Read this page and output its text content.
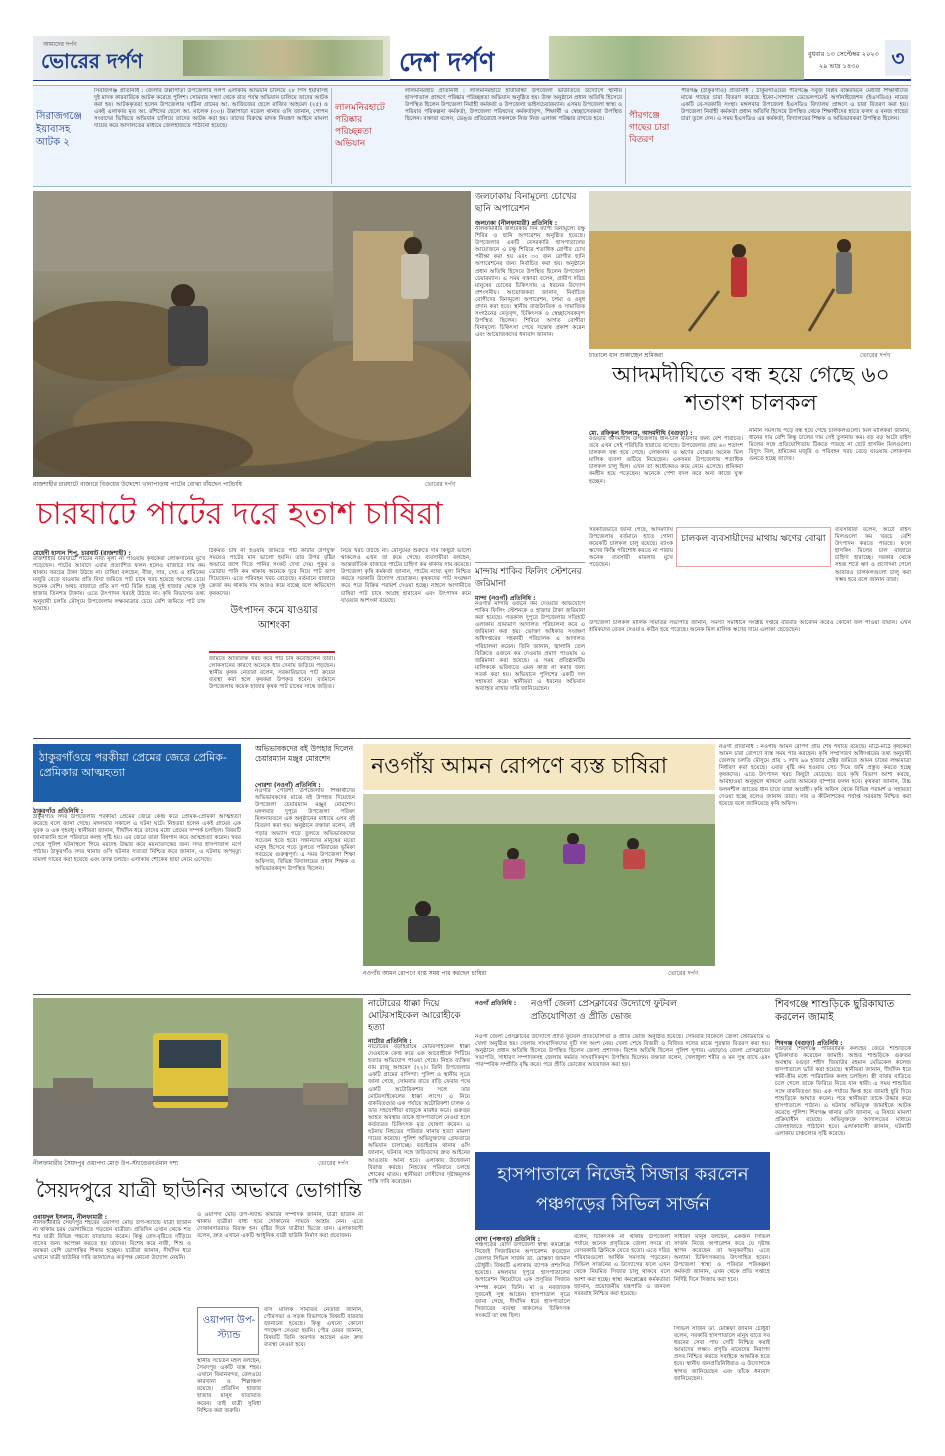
আমাদের দর্পণ
ভোরের দর্পণ	দেশ দর্পণ	বুধবার ১৩ সেপ্টেম্বর ২০২৩
২৯ ভাদ্র ১৪৩০	৩
সিরাজগঞ্জে ইয়াবাসহ আটক ২
সিরাজগঞ্জ প্রতিনিধি : জেলার উল্লাপাড়া উপজেলার সলপ এলাকায় অভিযান চালিয়ে ২৮ পিস ইয়াবাসহ দুই মাদক কারবারিকে আটক করেছে পুলিশ। সোমবার সন্ধ্যা থেকে রাত পর্যন্ত অভিযান চালিয়ে তাদের আটক করা হয়। আটককৃতরা হলেন উপজেলার ঘাটিনা গ্রামের আ. আজিজের ছেলে রাজিব আহমেদ (২৫) ও একই এলাকার মৃত আ. রশিদের ছেলে আ. মালেক (৩০)। উল্লাপাড়া মডেল থানার ওসি জানান, গোপন সংবাদের ভিত্তিতে অভিযান চালিয়ে তাদের আটক করা হয়। তাদের বিরুদ্ধে মাদক নিয়ন্ত্রণ আইনে মামলা দায়ের করে আদালতের মাধ্যমে জেলহাজতে পাঠানো হয়েছে।
লালমনিরহাটে পরিষ্কার পরিচ্ছন্নতা অভিযান
লালমনিরহাট প্রতিনিধি : লালমনিরহাটে হাতীবান্ধা উপজেলা ভাউতিতে উদ্যোগে স্থানীয় হাসপাতাল প্রাঙ্গণে পরিষ্কার পরিচ্ছন্নতা অভিযান অনুষ্ঠিত হয়। উক্ত অনুষ্ঠানে প্রধান অতিথি হিসেবে উপস্থিত ছিলেন উপজেলা নির্বাহী কর্মকর্তা ও উপজেলা ভাইসচেয়ারম্যান। এসময় উপজেলা স্বাস্থ্য ও পরিবার পরিকল্পনা কর্মকর্তা, উপজেলা পরিষদের কর্মকর্তাবৃন্দ, শিক্ষার্থী ও স্বেচ্ছাসেবকরা উপস্থিত ছিলেন। বক্তারা বলেন, ডেঙ্গু প্রতিরোধে সকলকে নিজ নিজ এলাকা পরিষ্কার রাখতে হবে।	পীরগঞ্জে গাছের চারা বিতরণ
পীরগঞ্জ (ঠাকুরগাঁও) প্রতিনিধি : ঠাকুরগাঁওয়ের পীরগঞ্জে সবুজ বিপ্লব বাস্তবায়নে মেধাবী শিক্ষার্থীদের মাঝে গাছের চারা বিতরণ করেছে ইকো-সোশ্যাল ডেভেলপমেন্ট অর্গানাইজেশন (ইএসডিও) নামের একটি বে-সরকারি সংস্থা। মঙ্গলবার উপজেলা ইএসডিও বিদ্যালয় প্রাঙ্গণে এ চারা বিতরণ করা হয়। উপজেলা নির্বাহী কর্মকর্তা প্রধান অতিথি হিসেবে উপস্থিত থেকে শিক্ষার্থীদের হাতে ফলদ ও বনজ গাছের চারা তুলে দেন। এ সময় ইএসডিও এর কর্মকর্তা, বিদ্যালয়ের শিক্ষক ও অভিভাবকরা উপস্থিত ছিলেন।
রাজশাহীর চারঘাটে বাজারে বিক্রয়ের উদ্দেশ্যে খানাপাড়ায় পাটের বোঝা বাঁধছেন পাটচাষি	ভোরের দর্পণ
জলঢাকায় বিনামূল্যে চোখের ছানি অপারেশন
জলঢাকা (নীলফামারী) প্রতিনিধি :
নীলফামারীর জলঢাকায় দিন ব্যাপী বিনামূল্যে চক্ষু শিবির ও ছানি অপারেশন অনুষ্ঠিত হয়েছে। উপজেলার একটি বেসরকারি হাসপাতালের আয়োজনে এ চক্ষু শিবিরে শতাধিক রোগীর চোখ পরীক্ষা করা হয় এবং ৩০ জন রোগীর ছানি অপারেশনের জন্য নির্বাচিত করা হয়। অনুষ্ঠানে প্রধান অতিথি হিসেবে উপস্থিত ছিলেন উপজেলা চেয়ারম্যান। এ সময় বক্তারা বলেন, গ্রামীণ দরিদ্র মানুষের চোখের চিকিৎসায় এ ধরনের উদ্যোগ প্রশংসনীয়। আয়োজকরা জানান, নির্বাচিত রোগীদের বিনামূল্যে অপারেশন, চশমা ও ওষুধ প্রদান করা হবে। স্থানীয় রাজনৈতিক ও সামাজিক সংগঠনের নেতৃবৃন্দ, চিকিৎসক ও স্বেচ্ছাসেবকবৃন্দ উপস্থিত ছিলেন। শিবিরে আগত রোগীরা বিনামূল্যে চিকিৎসা পেয়ে সন্তোষ প্রকাশ করেন এবং আয়োজকদের ধন্যবাদ জানান।
মান্দায় শাকিব ফিলিং স্টেশনের জরিমানা
মান্দা (নওগাঁ) প্রতিনিধি :
নওগাঁর মান্দায় ওজনে কম দেওয়ার অভিযোগে শাকিব ফিলিং স্টেশনকে ৫ হাজার টাকা জরিমানা করা হয়েছে। গতকাল দুপুরে উপজেলার সতিহাট এলাকায় ভ্রাম্যমাণ আদালত পরিচালনা করে এ জরিমানা করা হয়। ভোক্তা অধিকার সংরক্ষণ অধিদপ্তরের সহকারী পরিচালক এ আদালত পরিচালনা করেন। তিনি জানান, জ্বালানি তেল বিক্রিতে ওজনে কম দেওয়ার প্রমাণ পাওয়ায় এ জরিমানা করা হয়েছে। এ সময় প্রতিষ্ঠানটির মালিককে ভবিষ্যতে এমন কাজ না করার জন্য সতর্ক করা হয়। অভিযানে পুলিশের একটি দল সহায়তা করে। স্থানীয়রা এ ধরনের অভিযান অব্যাহত রাখার দাবি জানিয়েছেন।
চাতালে ধান শুকাচ্ছেন শ্রমিকরা	ভোরের দর্পণ
আদমদীঘিতে বন্ধ হয়ে গেছে ৬০ শতাংশ চালকল
মো. রফিকুল ইসলাম, আদমদীঘি (বগুড়া) :
বগুড়ার আদমদীঘি উপজেলার ধান-চাল ব্যবসার জন্য বেশ পরিচিত। তবে এখন সেই পরিচিতি হারাতে বসেছে। উপজেলার প্রায় ৬০ শতাংশ চালকল বন্ধ হয়ে গেছে। লোকসান ও ঋণের বোঝায় অনেক মিল মালিক ব্যবসা গুটিয়ে নিয়েছেন। একসময় উপজেলায় শতাধিক চালকল চালু ছিল। এখন তা অর্ধেকেরও কমে নেমে এসেছে। শ্রমিকরা কর্মহীন হয়ে পড়েছেন। অনেকে পেশা বদল করে অন্য কাজে যুক্ত হচ্ছেন।
নানান সমস্যায় পড়ে বন্ধ হয়ে গেছে চালকলগুলো। মিল মালিকরা জানান, ধানের দাম বেশি কিন্তু চালের দাম সেই তুলনায় কম। বড় বড় অটো রাইস মিলের সঙ্গে প্রতিযোগিতায় টিকতে পারছে না ছোট হাসকিং মিলগুলো। বিদ্যুৎ বিল, শ্রমিকের মজুরি ও পরিবহন খরচ বেড়ে যাওয়ায় লোকসান গুনতে হচ্ছে তাদের।
সরকারিভাবে জানা গেছে, আদমদীঘি উপজেলায় বর্তমানে হাতে গোনা কয়েকটি চালকল চালু রয়েছে। ব্যাংক ঋণের কিস্তি পরিশোধ করতে না পারায় অনেক ব্যবসায়ী মামলার মুখে পড়েছেন।
চালকল ব্যবসায়ীদের মাথায় ঋণের বোঝা
ব্যবসায়ীরা বলেন, অটো রাইস মিলগুলো কম খরচে বেশি উৎপাদন করতে পারছে। ফলে হাসকিং মিলের চাল বাজারে চাহিদা হারাচ্ছে। সরকার থেকে সহজ শর্তে ঋণ ও প্রণোদনা পেলে আবারও চালকলগুলো চালু করা সম্ভব হবে বলে জানান তারা।
উপজেলা চালকল মালিক সমিতির সভাপতি জানান, সমস্যা সমাধানে সংশ্লিষ্ট দপ্তরে বারবার আবেদন করেও কোনো ফল পাওয়া যায়নি। এখন শ্রমিকদের বেতন দেওয়াও কঠিন হয়ে পড়েছে। অনেক মিল মালিক ঋণের দায়ে এলাকা ছেড়েছেন।
চারঘাটে পাটের দরে হতাশ চাষিরা
মেহেদী হাসান শিপু, চারঘাট (রাজশাহী) :
রাজশাহীর চারঘাটে পাটের নায্য মূল্য না পাওয়ায় কৃষকেরা লোকসানের মুখে পড়েছেন। পাটের আবাদে এবার প্রত্যাশিত ফলন হলেও বাজারে দাম কম থাকায় খরচের টাকা উঠছে না। চাষিরা বলছেন, বীজ, সার, সেচ ও শ্রমিকের মজুরি বেড়ে যাওয়ায় প্রতি বিঘা জমিতে পাট চাষে খরচ হয়েছে আগের চেয়ে অনেক বেশি। অথচ বাজারে প্রতি মণ পাট বিক্রি হচ্ছে দুই হাজার থেকে দুই হাজার তিনশত টাকায়। এতে উৎপাদন খরচই উঠছে না। কৃষি বিভাগের তথ্য অনুযায়ী চলতি মৌসুমে উপজেলায় লক্ষ্যমাত্রার চেয়ে বেশি জমিতে পাট চাষ হয়েছে।
ঠিকমত চাষ না হওয়ায় জমিতে পাট কাটার উপযুক্ত সময়েও পাটের মান ভালো হয়নি। তার উপর বৃষ্টির অভাবে জাগ দিতে পানির সংকট দেখা দেয়। পুকুর ও ডোবায় পানি কম থাকায় অনেকে দূরে নিয়ে পাট জাগ দিয়েছেন। এতে পরিবহন খরচ বেড়েছে। বর্তমানে বাজারে ক্রেতা কম থাকায় দাম আরও কমে যাচ্ছে বলে অভিযোগ কৃষকদের।
উৎপাদন কমে যাওয়ার আশংকা
জমিতে অতিরিক্ত খরচ করে পাট চাষ করেছিলেন তারা। লোকসানের কারণে অনেকে ধার দেনায় জড়িয়ে পড়ছেন। স্থানীয় কৃষক নেতারা বলেন, সরকারিভাবে পাট ক্রয়ের ব্যবস্থা করা হলে কৃষকরা উপকৃত হবেন। বর্তমানে উপজেলায় কয়েক হাজার কৃষক পাট চাষের সাথে জড়িত।
নিয়ে খরচ উঠছে না। মৌসুমের শুরুতে দাম কিছুটা ভালো থাকলেও এখন তা কমে গেছে। ব্যবসায়ীরা বলছেন, আন্তর্জাতিক বাজারে পাটের চাহিদা কম থাকায় দাম কমেছে। উপজেলা কৃষি কর্মকর্তা জানান, পাটের ন্যায্য মূল্য নিশ্চিত করতে সরকারি উদ্যোগ প্রয়োজন। কৃষকদের পাট সংরক্ষণ করে পরে বিক্রির পরামর্শ দেওয়া হচ্ছে। নাহলে আগামীতে চাষিরা পাট চাষে আগ্রহ হারাবেন এবং উৎপাদন কমে যাওয়ার আশংকা রয়েছে।
ঠাকুরগাঁওয়ে পরকীয়া প্রেমের জেরে প্রেমিক-প্রেমিকার আত্মহত্যা
ঠাকুরগাঁও প্রতিনিধি :
ঠাকুরগাঁও সদর উপজেলায় পরকীয়া প্রেমের জেরে কেন্দ্র করে প্রেমিক-প্রেমিকা আত্মহত্যা করেছে বলে জানা গেছে। মঙ্গলবার সকালে এ ঘটনা ঘটে। নিহতরা হলেন একই গ্রামের এক যুবক ও এক গৃহবধূ। স্থানীয়রা জানান, দীর্ঘদিন ধরে তাদের মধ্যে প্রেমের সম্পর্ক চলছিল। বিষয়টি জানাজানি হলে পরিবারে কলহ সৃষ্টি হয়। এর জেরে তারা বিষপান করে আত্মহত্যা করেন। খবর পেয়ে পুলিশ ঘটনাস্থলে গিয়ে মরদেহ উদ্ধার করে ময়নাতদন্তের জন্য সদর হাসপাতাল মর্গে পাঠায়। ঠাকুরগাঁও সদর থানার ওসি ঘটনার সত্যতা নিশ্চিত করে জানান, এ ঘটনায় অপমৃত্যু মামলা দায়ের করা হয়েছে এবং তদন্ত চলছে। এলাকায় শোকের ছায়া নেমে এসেছে।
অভিভাবকদের বই উপহার দিলেন চেয়ারম্যান মঞ্জুর মোরশেদ
পোরশা (নওগাঁ) প্রতিনিধি :
নওগাঁর পোরশা উপজেলায় শিক্ষার্থীদের অভিভাবকদের মাঝে বই উপহার দিয়েছেন উপজেলা চেয়ারম্যান মঞ্জুর মোরশেদ। মঙ্গলবার দুপুরে উপজেলা পরিষদ মিলনায়তনে এক অনুষ্ঠানের মাধ্যমে এসব বই বিতরণ করা হয়। অনুষ্ঠানে বক্তারা বলেন, বই পড়ার অভ্যাস গড়ে তুলতে অভিভাবকদের সচেতন হতে হবে। সন্তানদের মানুষের মতো মানুষ হিসেবে গড়ে তুলতে পরিবারের ভূমিকা সবচেয়ে গুরুত্বপূর্ণ। এ সময় উপজেলা শিক্ষা অফিসার, বিভিন্ন বিদ্যালয়ের প্রধান শিক্ষক ও অভিভাবকবৃন্দ উপস্থিত ছিলেন।
নওগাঁয় আমন রোপণে ব্যস্ত চাষিরা
নওগাঁয় আমন রোপণে ব্যস্ত সময় পার করছেন চাষিরা	ভোরের দর্পণ
নওগাঁ প্রতিনিধি : নওগাঁয় আমন রোপণ প্রায় শেষ পর্যায়ে রয়েছে। মাঠে-মাঠে কৃষকেরা আমন চারা রোপণে ব্যস্ত সময় পার করছেন। কৃষি সম্প্রসারণ অধিদপ্তরের তথ্য অনুযায়ী জেলায় চলতি মৌসুমে প্রায় ১ লাখ ৯৬ হাজার হেক্টর জমিতে আমন চাষের লক্ষ্যমাত্রা নির্ধারণ করা হয়েছে। এবার বৃষ্টি কম হওয়ায় সেচ দিয়ে জমি প্রস্তুত করতে হচ্ছে কৃষকদের। এতে উৎপাদন খরচ কিছুটা বেড়েছে। তবে কৃষি বিভাগ আশা করছে, আবহাওয়া অনুকূলে থাকলে এবার আমনের বাম্পার ফলন হবে। কৃষকরা জানান, উচ্চ ফলনশীল জাতের ধান চাষে তারা আগ্রহী। কৃষি অফিস থেকে বিভিন্ন পরামর্শ ও সহায়তা দেওয়া হচ্ছে বলেও জানান তারা। সার ও কীটনাশকের পর্যাপ্ত সরবরাহ নিশ্চিত করা হয়েছে বলে জানিয়েছে কৃষি অফিস।
নীলফামারীর সৈয়দপুর ওয়াপদা মোড় উপ-স্ট্যান্ডেরবর্তমান দশা	ভোরের দর্পণ
সৈয়দপুরে যাত্রী ছাউনির অভাবে ভোগান্তি
ওবায়দুল ইসলাম, নীলফামারী :
নীলফামারীর সৈয়দপুর শহরের ওয়াপদা মোড় উপ-স্ট্যান্ডে যাত্রী ছাউনি না থাকায় চরম ভোগান্তিতে পড়ছেন যাত্রীরা। প্রতিদিন এখান থেকে শত শত যাত্রী বিভিন্ন গন্তব্যে যাতায়াত করেন। কিন্তু রোদ-বৃষ্টিতে দাঁড়িয়ে বাসের জন্য অপেক্ষা করতে হয় তাদের। বিশেষ করে নারী, শিশু ও বয়স্করা বেশি ভোগান্তির শিকার হচ্ছেন। যাত্রীরা জানান, দীর্ঘদিন ধরে এখানে যাত্রী ছাউনির দাবি জানালেও কর্তৃপক্ষ কোনো উদ্যোগ নেয়নি।
ও ওয়াপদা মোড় উপ-স্ট্যান্ড কমিটির সম্পাদক জানান, যাত্রী ছাউনি না থাকায় যাত্রীরা বাধ্য হয়ে দোকানের সামনে আশ্রয় নেন। এতে দোকানদাররাও বিরক্ত হন। বৃষ্টির দিনে যাত্রীরা ভিজে যান। এলাকাবাসী বলেন, দ্রুত এখানে একটি আধুনিক যাত্রী ছাউনি নির্মাণ করা প্রয়োজন।
ওয়াপদা উপ-স্ট্যান্ড
বাস মালিক সমিতির নেতারা জানান, পৌরসভা ও সড়ক বিভাগকে বিষয়টি বারবার জানানো হয়েছে। কিন্তু এখনো কোনো পদক্ষেপ নেওয়া হয়নি। পৌর মেয়র জানান, বিষয়টি তিনি অবগত আছেন এবং দ্রুত ব্যবস্থা নেওয়া হবে।
স্থানীয় সচেতন মহল বলছেন, সৈয়দপুর একটি ব্যস্ত শহর। এখানে বিমানবন্দর, রেলওয়ে কারখানা ও শিল্পাঞ্চল রয়েছে। প্রতিদিন হাজার হাজার মানুষ যাতায়াত করেন। তাই যাত্রী সুবিধা নিশ্চিত করা জরুরি।
নাটোরের ধাক্কা দিয়ে মোটরসাইকেল আরোহীকে হত্যা
নাটোর প্রতিনিধি :
নাটোরের বড়াইগ্রামে মোটরসাইকেল ধাক্কা দেওয়াকে কেন্দ্র করে এক আরোহীকে পিটিয়ে হত্যার অভিযোগ পাওয়া গেছে। নিহত ব্যক্তির নাম রাজু আহমেদ (২২)। তিনি উপজেলার একটি গ্রামের বাসিন্দা। পুলিশ ও স্থানীয় সূত্রে জানা গেছে, সোমবার রাতে বাড়ি ফেরার পথে একটি অটোরিকশার সঙ্গে তার মোটরসাইকেলের ধাক্কা লাগে। এ নিয়ে বাকবিতণ্ডার এক পর্যায়ে অটোরিকশা চালক ও তার সহযোগীরা রাজুকে মারধর করে। গুরুতর আহত অবস্থায় তাকে হাসপাতালে নেওয়া হলে কর্তব্যরত চিকিৎসক মৃত ঘোষণা করেন। এ ঘটনায় নিহতের পরিবার থানায় হত্যা মামলা দায়ের করেছে। পুলিশ অভিযুক্তদের গ্রেফতারে অভিযান চালাচ্ছে। বড়াইগ্রাম থানার ওসি জানান, ঘটনার সঙ্গে জড়িতদের দ্রুত আইনের আওতায় আনা হবে। এলাকায় উত্তেজনা বিরাজ করছে। নিহতের পরিবারে চলছে শোকের মাতম। স্থানীয়রা দোষীদের দৃষ্টান্তমূলক শাস্তি দাবি করেছেন।
নওগাঁ প্রতিনিধি :	নওগাঁ জেলা প্রেসক্লাবের উদ্যোগে ফুটবল প্রতিযোগিতা ও প্রীতি ভোজ
নওগাঁ জেলা প্রেসক্লাবের উদ্যোগে প্রীতি ফুটবল প্রতিযোগিতা ও প্রীতি ভোজ অনুষ্ঠিত হয়েছে। সোমবার বিকেলে জেলা স্টেডিয়ামে এ খেলা অনুষ্ঠিত হয়। খেলায় সাংবাদিকদের দুটি দল অংশ নেয়। খেলা শেষে বিজয়ী ও বিজিত দলের মাঝে পুরস্কার বিতরণ করা হয়। অনুষ্ঠানে প্রধান অতিথি হিসেবে উপস্থিত ছিলেন জেলা প্রশাসক। বিশেষ অতিথি ছিলেন পুলিশ সুপার। এছাড়াও জেলা প্রেসক্লাবের সভাপতি, সাধারণ সম্পাদকসহ জেলায় কর্মরত সাংবাদিকবৃন্দ উপস্থিত ছিলেন। বক্তারা বলেন, খেলাধুলা শরীর ও মন সুস্থ রাখে এবং পারস্পরিক সম্প্রীতি বৃদ্ধি করে। পরে প্রীতি ভোজের আয়োজন করা হয়।
শিবগঞ্জে শাশুড়িকে ছুরিকাঘাত করলেন জামাই
শিবগঞ্জ (বগুড়া) প্রতিনিধি :
বগুড়ার শিবগঞ্জে পারিবারিক কলহের জেরে শাশুড়িকে ছুরিকাঘাত করেছেন জামাই। আহত শাশুড়িকে গুরুতর অবস্থায় বগুড়া শহীদ জিয়াউর রহমান মেডিকেল কলেজ হাসপাতালে ভর্তি করা হয়েছে। স্থানীয়রা জানান, দীর্ঘদিন ধরে স্বামী-স্ত্রীর মধ্যে পারিবারিক কলহ চলছিল। স্ত্রী বাবার বাড়িতে চলে গেলে তাকে ফিরিয়ে নিতে যান স্বামী। এ সময় শাশুড়ির সঙ্গে বাকবিতণ্ডা হয়। এক পর্যায়ে ক্ষিপ্ত হয়ে জামাই ছুরি দিয়ে শাশুড়িকে আঘাত করেন। পরে স্থানীয়রা তাকে উদ্ধার করে হাসপাতালে পাঠান। এ ঘটনায় অভিযুক্ত জামাইকে আটক করেছে পুলিশ। শিবগঞ্জ থানার ওসি জানান, এ বিষয়ে মামলা প্রক্রিয়াধীন রয়েছে। অভিযুক্তকে আদালতের মাধ্যমে জেলহাজতে পাঠানো হবে। এলাকাবাসী জানান, ঘটনাটি এলাকায় চাঞ্চল্যের সৃষ্টি করেছে।
হাসপাতালে নিজেই সিজার করলেন পঞ্চগড়ের সিভিল সার্জন
বোদা (পঞ্চগড়) প্রতিনিধি :
পঞ্চগড়ের বোদা উপজেলা স্বাস্থ্য কমপ্লেক্সে নিজেই সিজারিয়ান অপারেশন করেছেন জেলার সিভিল সার্জন ডা. মোস্তফা জামান চৌধুরী। বিষয়টি এলাকায় ব্যাপক প্রশংসিত হয়েছে। মঙ্গলবার দুপুরে হাসপাতালের অপারেশন থিয়েটারে এক প্রসূতির সিজার সম্পন্ন করেন তিনি। মা ও নবজাতক দুজনেই সুস্থ আছেন। হাসপাতাল সূত্রে জানা গেছে, দীর্ঘদিন ধরে হাসপাতালে সিজারের ব্যবস্থা থাকলেও চিকিৎসক সংকটে তা বন্ধ ছিল।
বলেন, চিকিৎসক না থাকায় উপজেলা পর্যায়ে অনেক প্রসূতিকে জেলা সদরে বা বেসরকারি ক্লিনিকে যেতে হতো। এতে দরিদ্র পরিবারগুলো আর্থিক সমস্যায় পড়তেন। সিভিল সার্জনের এ উদ্যোগের ফলে এখন থেকে নিয়মিত সিজার চালু থাকবে বলে আশা করা হচ্ছে। স্বাস্থ্য কমপ্লেক্সের কর্মকর্তারা জানান, প্রয়োজনীয় যন্ত্রপাতি ও জনবল সরবরাহ নিশ্চিত করা হয়েছে।
সাধারণ মানুষ বলছেন, একজন সিভিল সার্জন নিজে অপারেশন করে যে দৃষ্টান্ত স্থাপন করেছেন তা অনুকরণীয়। এতে অন্যান্য চিকিৎসকরাও উৎসাহিত হবেন। উপজেলা স্বাস্থ্য ও পরিবার পরিকল্পনা কর্মকর্তা জানান, এখন থেকে প্রতি সপ্তাহে নির্দিষ্ট দিনে সিজার করা হবে।
সিভিল সার্জন ডা. মোস্তফা জামান চৌধুরী বলেন, সরকারি হাসপাতালে মানুষ যাতে সব ধরনের সেবা পায় সেটি নিশ্চিত করাই আমাদের লক্ষ্য। প্রসূতি মায়েদের নিরাপদ প্রসব নিশ্চিত করতে সবাইকে আন্তরিক হতে হবে। স্থানীয় জনপ্রতিনিধিরাও এ উদ্যোগকে স্বাগত জানিয়েছেন এবং তাঁকে ধন্যবাদ জানিয়েছেন।
